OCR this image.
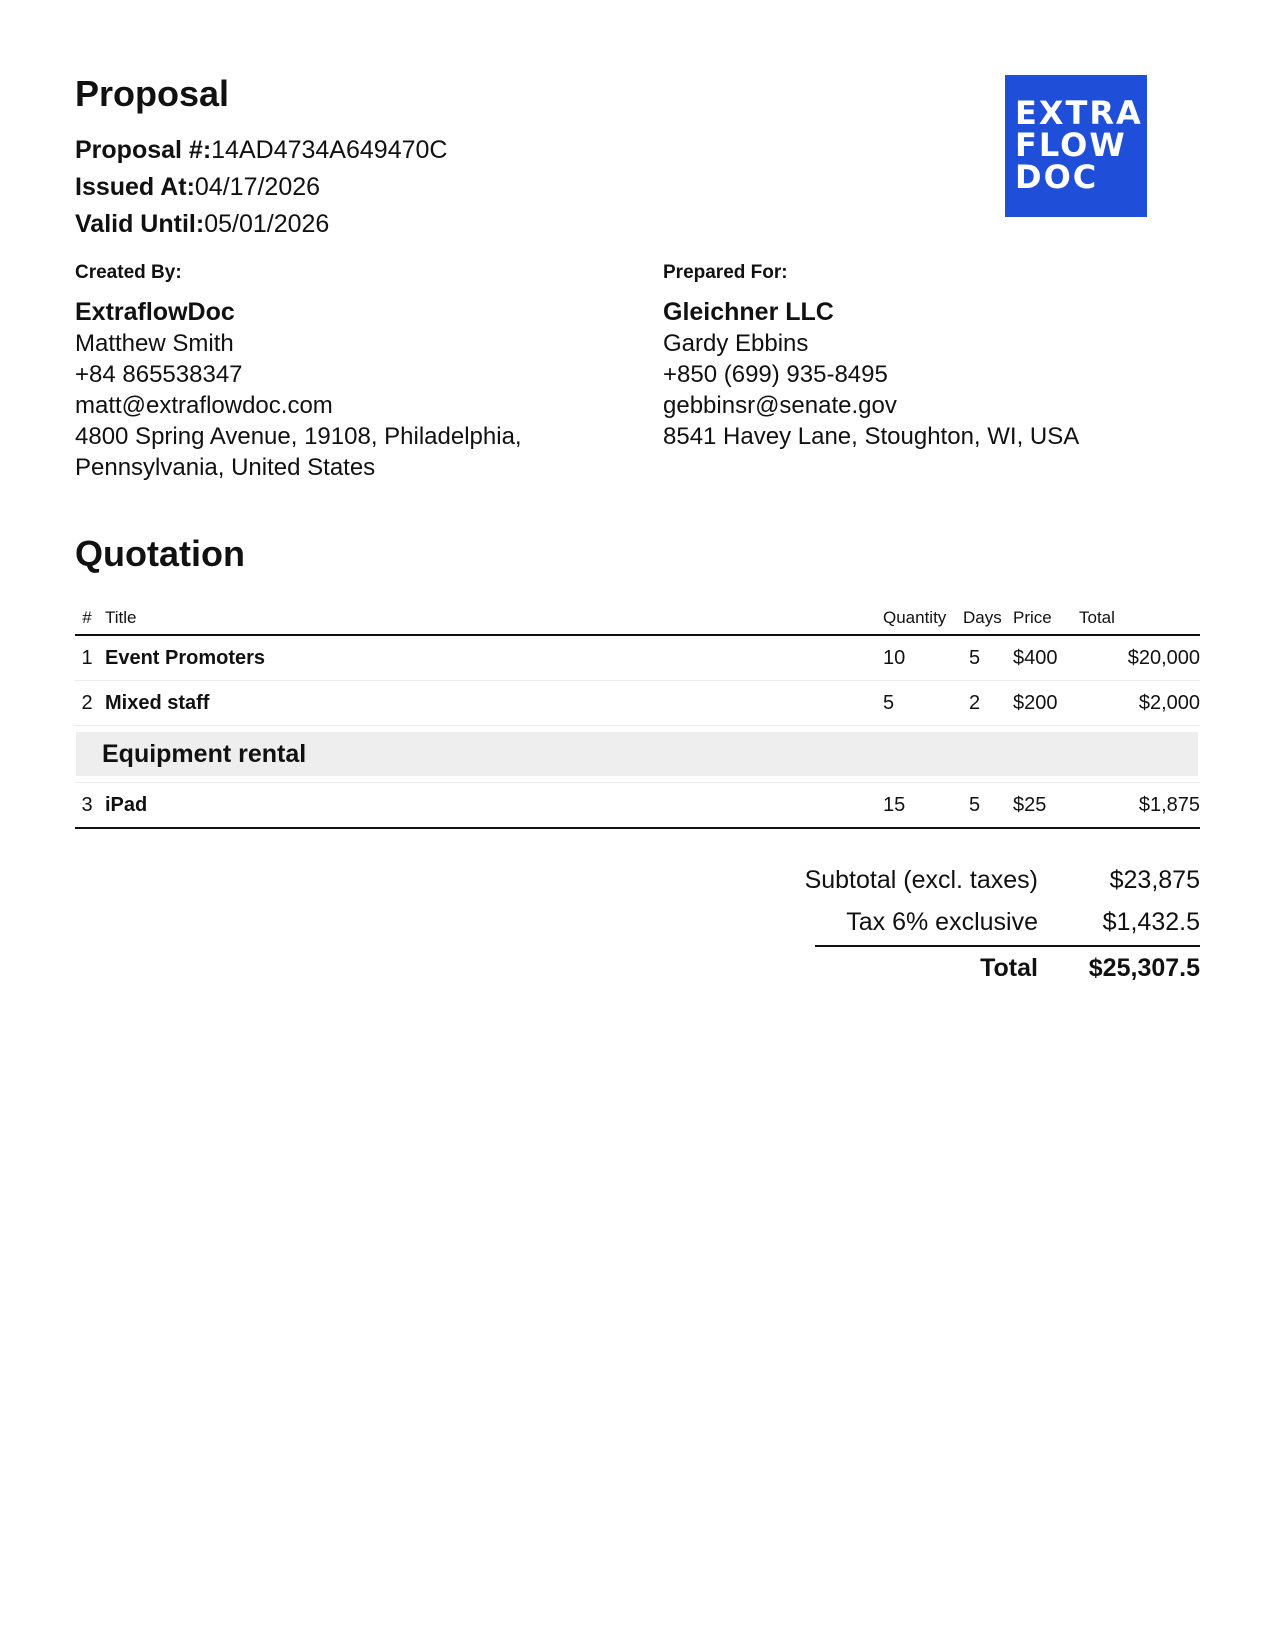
Proposal
Proposal #:14AD4734A649470C
Issued At:04/17/2026
Valid Until:05/01/2026
EXTRA
FLOW
DOC
Created By:
ExtraflowDoc
Matthew Smith
+84 865538347
matt@extraflowdoc.com
4800 Spring Avenue, 19108, Philadelphia,
Pennsylvania, United States
Prepared For:
Gleichner LLC
Gardy Ebbins
+850 (699) 935-8495
gebbinsr@senate.gov
8541 Havey Lane, Stoughton, WI, USA
Quotation
#	Title	Quantity	Days	Price	Total
1	Event Promoters	10	5	$400	$20,000
2	Mixed staff	5	2	$200	$2,000

Equipment rental					

3	iPad	15	5	$25	$1,875
Subtotal (excl. taxes)	$23,875
Tax 6% exclusive	$1,432.5
Total $25,307.5
